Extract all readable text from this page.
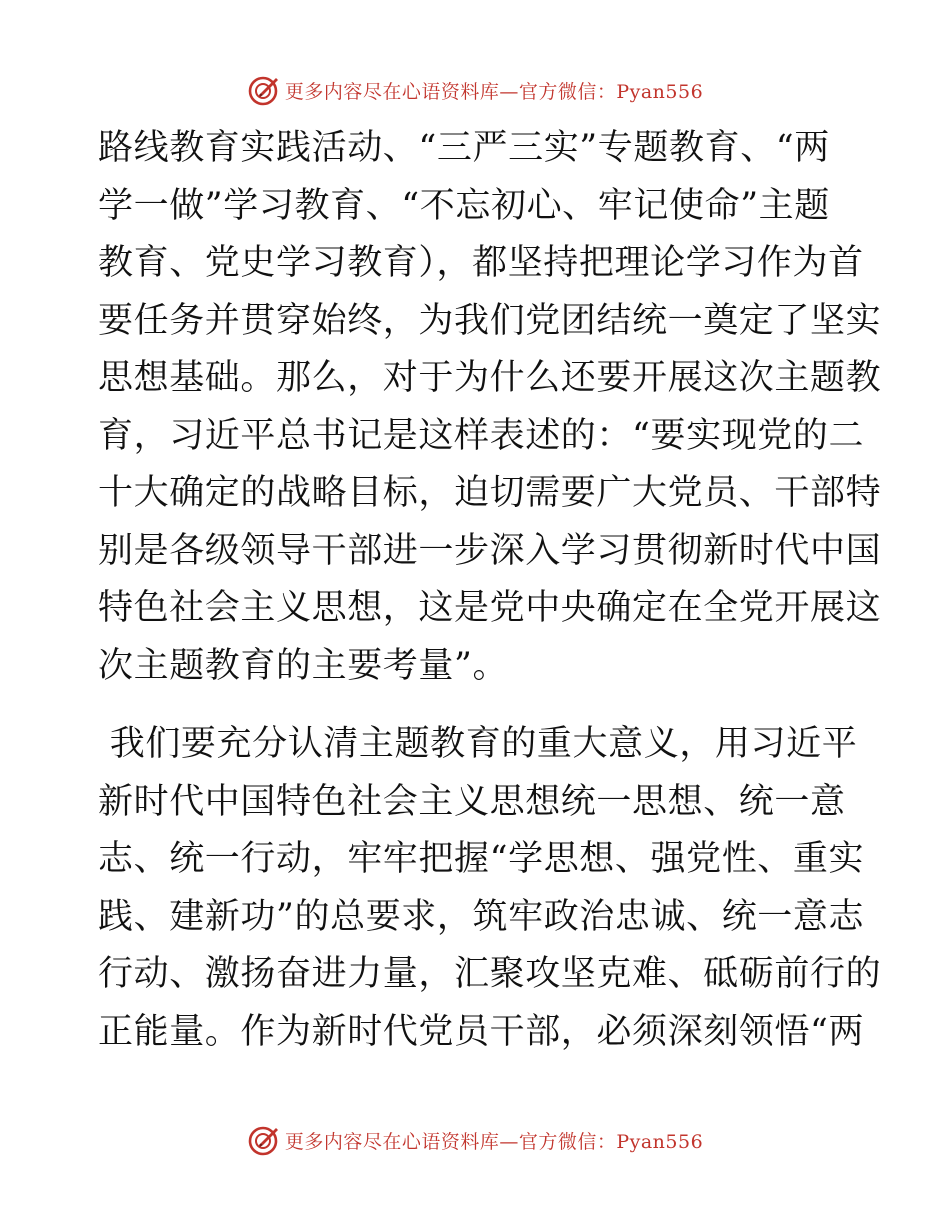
更多内容尽在心语资料库—官方微信：Pyan556
路线教育实践活动、“三严三实”专题教育、“两
学一做”学习教育、“不忘初心、牢记使命”主题
教育、党史学习教育），都坚持把理论学习作为首
要任务并贯穿始终，为我们党团结统一奠定了坚实
思想基础。那么，对于为什么还要开展这次主题教
育，习近平总书记是这样表述的：“要实现党的二
十大确定的战略目标，迫切需要广大党员、干部特
别是各级领导干部进一步深入学习贯彻新时代中国
特色社会主义思想，这是党中央确定在全党开展这
次主题教育的主要考量”。
我们要充分认清主题教育的重大意义，用习近平
新时代中国特色社会主义思想统一思想、统一意
志、统一行动，牢牢把握“学思想、强党性、重实
践、建新功”的总要求，筑牢政治忠诚、统一意志
行动、激扬奋进力量，汇聚攻坚克难、砥砺前行的
正能量。作为新时代党员干部，必须深刻领悟“两
更多内容尽在心语资料库—官方微信：Pyan556
